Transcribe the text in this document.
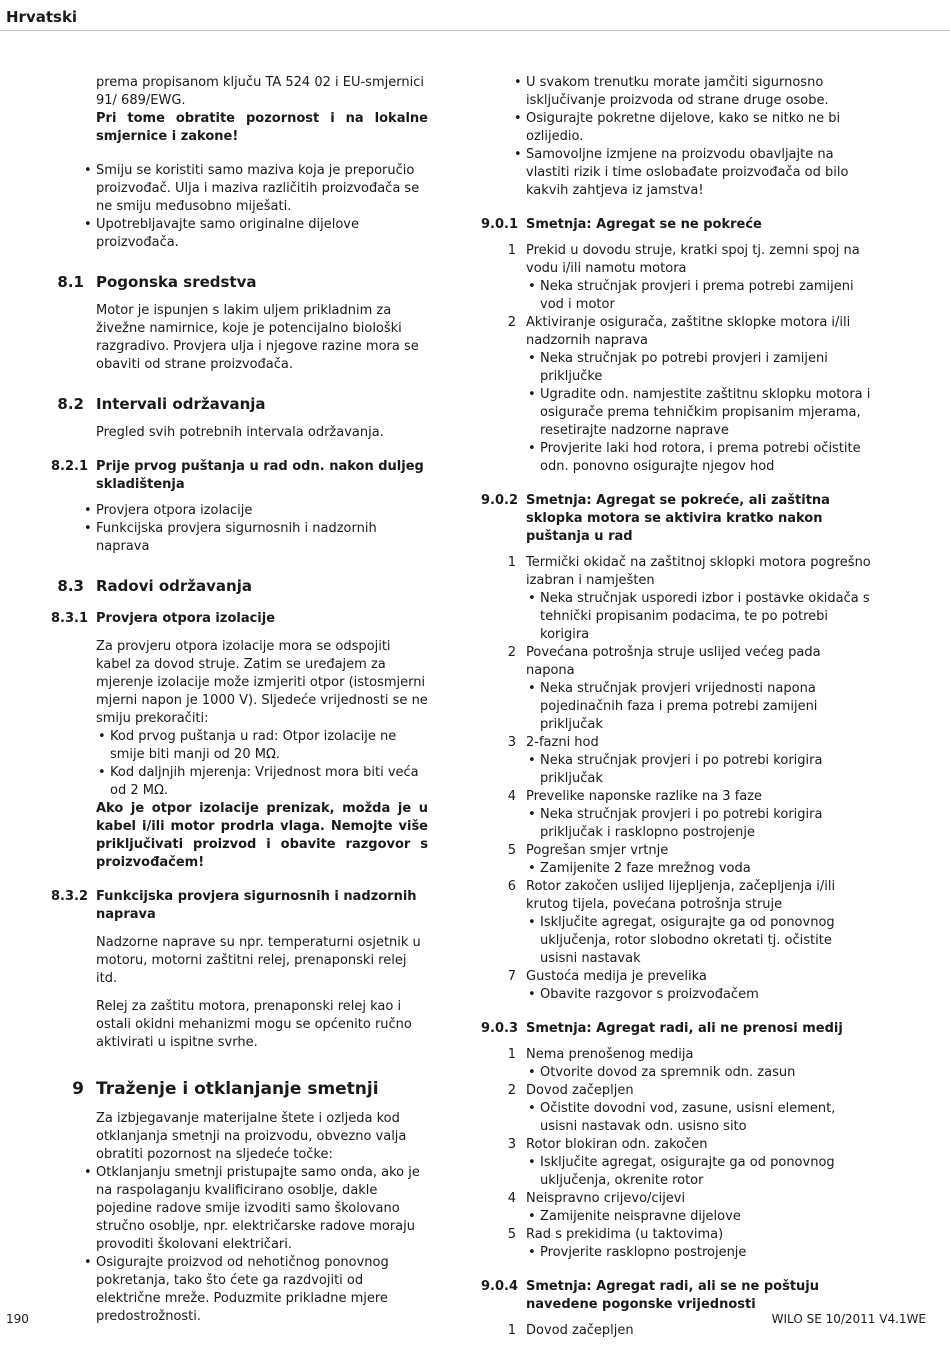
Hrvatski

prema propisanom ključu TA 524 02 i EU-smjernici 91/ 689/EWG.

Pri tome obratite pozornost i na lokalne smjernice i zakone!

• Smiju se koristiti samo maziva koja je preporučio proizvođač. Ulja i maziva različitih proizvođača se ne smiju međusobno miješati.
• Upotrebljavajte samo originalne dijelove proizvođača.
8.1 Pogonska sredstva

Motor je ispunjen s lakim uljem prikladnim za živežne namirnice, koje je potencijalno biološki razgradivo. Provjera ulja i njegove razine mora se obaviti od strane proizvođača.

8.2 Intervali održavanja

Pregled svih potrebnih intervala održavanja.

8.2.1 Prije prvog puštanja u rad odn. nakon duljeg skladištenja
• Provjera otpora izolacije
• Funkcijska provjera sigurnosnih i nadzornih naprava
8.3 Radovi održavanja
8.3.1 Provjera otpora izolacije

Za provjeru otpora izolacije mora se odspojiti kabel za dovod struje. Zatim se uređajem za mjerenje izolacije može izmjeriti otpor (istosmjerni mjerni napon je 1000 V). Sljedeće vrijednosti se ne smiju prekoračiti:

• Kod prvog puštanja u rad: Otpor izolacije ne smije biti manji od 20 MΩ.
• Kod daljnjih mjerenja: Vrijednost mora biti veća od 2 MΩ.

Ako je otpor izolacije prenizak, možda je u kabel i/ili motor prodrla vlaga. Nemojte više priključivati proizvod i obavite razgovor s proizvođačem!

8.3.2 Funkcijska provjera sigurnosnih i nadzornih naprava

Nadzorne naprave su npr. temperaturni osjetnik u motoru, motorni zaštitni relej, prenaponski relej itd.

Relej za zaštitu motora, prenaponski relej kao i ostali okidni mehanizmi mogu se općenito ručno aktivirati u ispitne svrhe.

9 Traženje i otklanjanje smetnji

Za izbjegavanje materijalne štete i ozljeda kod otklanjanja smetnji na proizvodu, obvezno valja obratiti pozornost na sljedeće točke:

• Otklanjanju smetnji pristupajte samo onda, ako je na raspolaganju kvalificirano osoblje, dakle pojedine radove smije izvoditi samo školovano stručno osoblje, npr. električarske radove moraju provoditi školovani električari.
• Osigurajte proizvod od nehotičnog ponovnog pokretanja, tako što ćete ga razdvojiti od električne mreže. Poduzmite prikladne mjere predostrožnosti.
• U svakom trenutku morate jamčiti sigurnosno isključivanje proizvoda od strane druge osobe.
• Osigurajte pokretne dijelove, kako se nitko ne bi ozlijedio.
• Samovoljne izmjene na proizvodu obavljajte na vlastiti rizik i time oslobađate proizvođača od bilo kakvih zahtjeva iz jamstva!
9.0.1 Smetnja: Agregat se ne pokreće
1 Prekid u dovodu struje, kratki spoj tj. zemni spoj na vodu i/ili namotu motora
• Neka stručnjak provjeri i prema potrebi zamijeni vod i motor
2 Aktiviranje osigurača, zaštitne sklopke motora i/ili nadzornih naprava
• Neka stručnjak po potrebi provjeri i zamijeni priključke
• Ugradite odn. namjestite zaštitnu sklopku motora i osigurače prema tehničkim propisanim mjerama, resetirajte nadzorne naprave
• Provjerite laki hod rotora, i prema potrebi očistite odn. ponovno osigurajte njegov hod
9.0.2 Smetnja: Agregat se pokreće, ali zaštitna sklopka motora se aktivira kratko nakon puštanja u rad
1 Termički okidač na zaštitnoj sklopki motora pogrešno izabran i namješten
• Neka stručnjak usporedi izbor i postavke okidača s tehnički propisanim podacima, te po potrebi korigira
2 Povećana potrošnja struje uslijed većeg pada napona
• Neka stručnjak provjeri vrijednosti napona pojedinačnih faza i prema potrebi zamijeni priključak
3 2-fazni hod
• Neka stručnjak provjeri i po potrebi korigira priključak
4 Prevelike naponske razlike na 3 faze
• Neka stručnjak provjeri i po potrebi korigira priključak i rasklopno postrojenje
5 Pogrešan smjer vrtnje
• Zamijenite 2 faze mrežnog voda
6 Rotor zakočen uslijed lijepljenja, začepljenja i/ili krutog tijela, povećana potrošnja struje
• Isključite agregat, osigurajte ga od ponovnog uključenja, rotor slobodno okretati tj. očistite usisni nastavak
7 Gustoća medija je prevelika
• Obavite razgovor s proizvođačem
9.0.3 Smetnja: Agregat radi, ali ne prenosi medij
1 Nema prenošenog medija
• Otvorite dovod za spremnik odn. zasun
2 Dovod začepljen
• Očistite dovodni vod, zasune, usisni element, usisni nastavak odn. usisno sito
3 Rotor blokiran odn. zakočen
• Isključite agregat, osigurajte ga od ponovnog uključenja, okrenite rotor
4 Neispravno crijevo/cijevi
• Zamijenite neispravne dijelove
5 Rad s prekidima (u taktovima)
• Provjerite rasklopno postrojenje
9.0.4 Smetnja: Agregat radi, ali se ne poštuju navedene pogonske vrijednosti
1 Dovod začepljen
190	WILO SE 10/2011 V4.1WE
